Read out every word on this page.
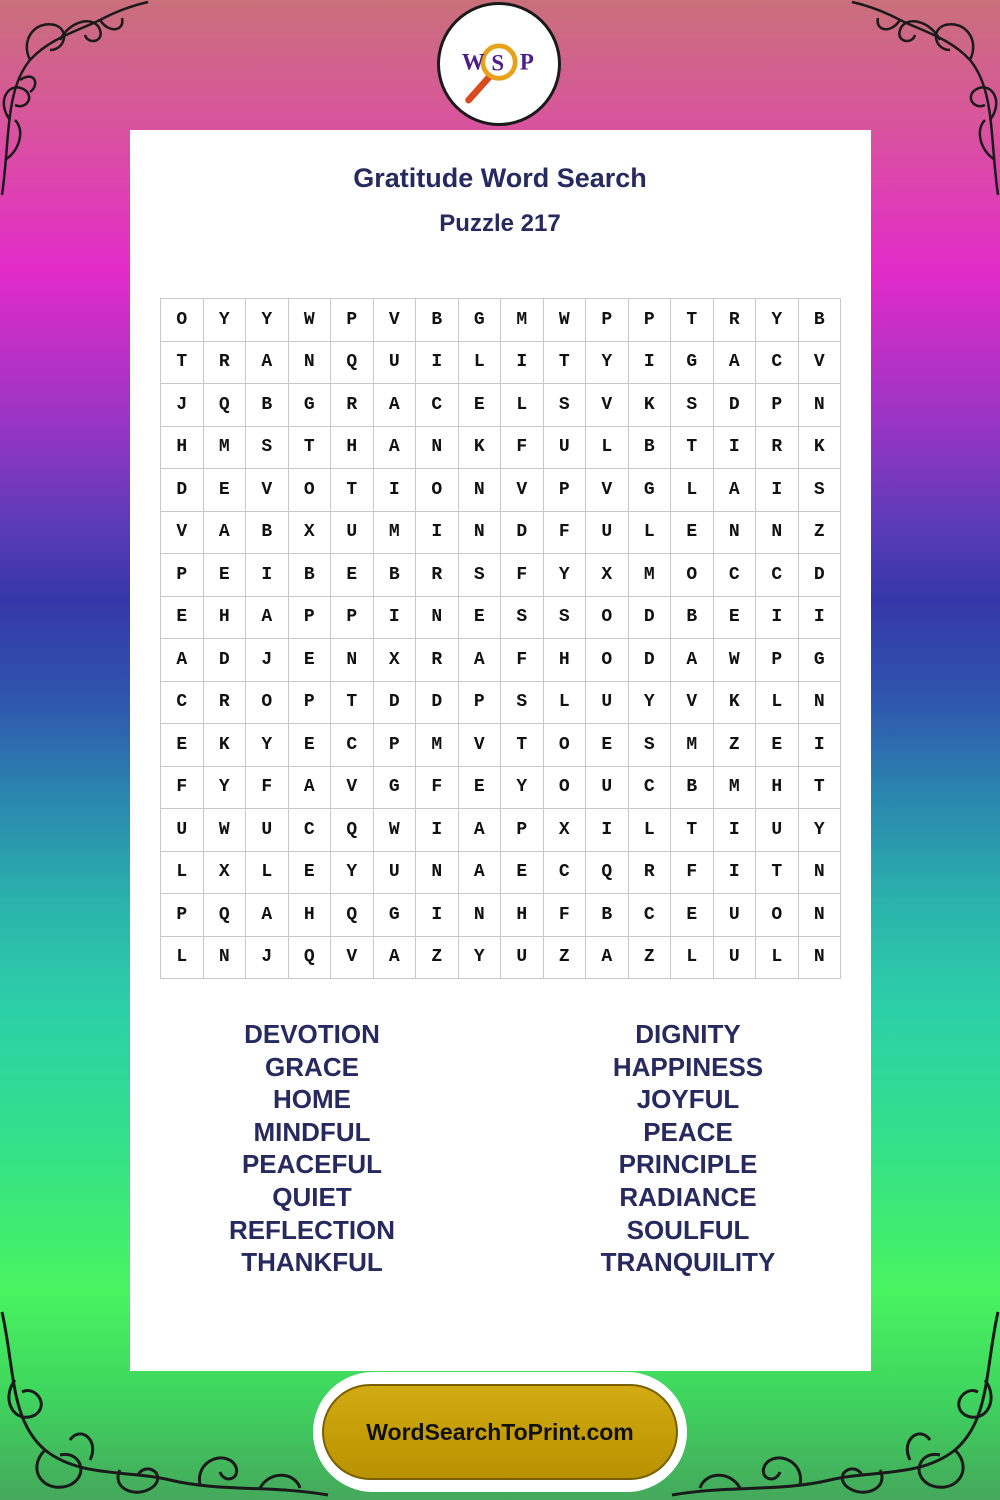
W S P
Gratitude Word Search
Puzzle 217
O	Y	Y	W	P	V	B	G	M	W	P	P	T	R	Y	B
T	R	A	N	Q	U	I	L	I	T	Y	I	G	A	C	V
J	Q	B	G	R	A	C	E	L	S	V	K	S	D	P	N
H	M	S	T	H	A	N	K	F	U	L	B	T	I	R	K
D	E	V	O	T	I	O	N	V	P	V	G	L	A	I	S
V	A	B	X	U	M	I	N	D	F	U	L	E	N	N	Z
P	E	I	B	E	B	R	S	F	Y	X	M	O	C	C	D
E	H	A	P	P	I	N	E	S	S	O	D	B	E	I	I
A	D	J	E	N	X	R	A	F	H	O	D	A	W	P	G
C	R	O	P	T	D	D	P	S	L	U	Y	V	K	L	N
E	K	Y	E	C	P	M	V	T	O	E	S	M	Z	E	I
F	Y	F	A	V	G	F	E	Y	O	U	C	B	M	H	T
U	W	U	C	Q	W	I	A	P	X	I	L	T	I	U	Y
L	X	L	E	Y	U	N	A	E	C	Q	R	F	I	T	N
P	Q	A	H	Q	G	I	N	H	F	B	C	E	U	O	N
L	N	J	Q	V	A	Z	Y	U	Z	A	Z	L	U	L	N
DEVOTION
GRACE
HOME
MINDFUL
PEACEFUL
QUIET
REFLECTION
THANKFUL
DIGNITY
HAPPINESS
JOYFUL
PEACE
PRINCIPLE
RADIANCE
SOULFUL
TRANQUILITY
WordSearchToPrint.com
